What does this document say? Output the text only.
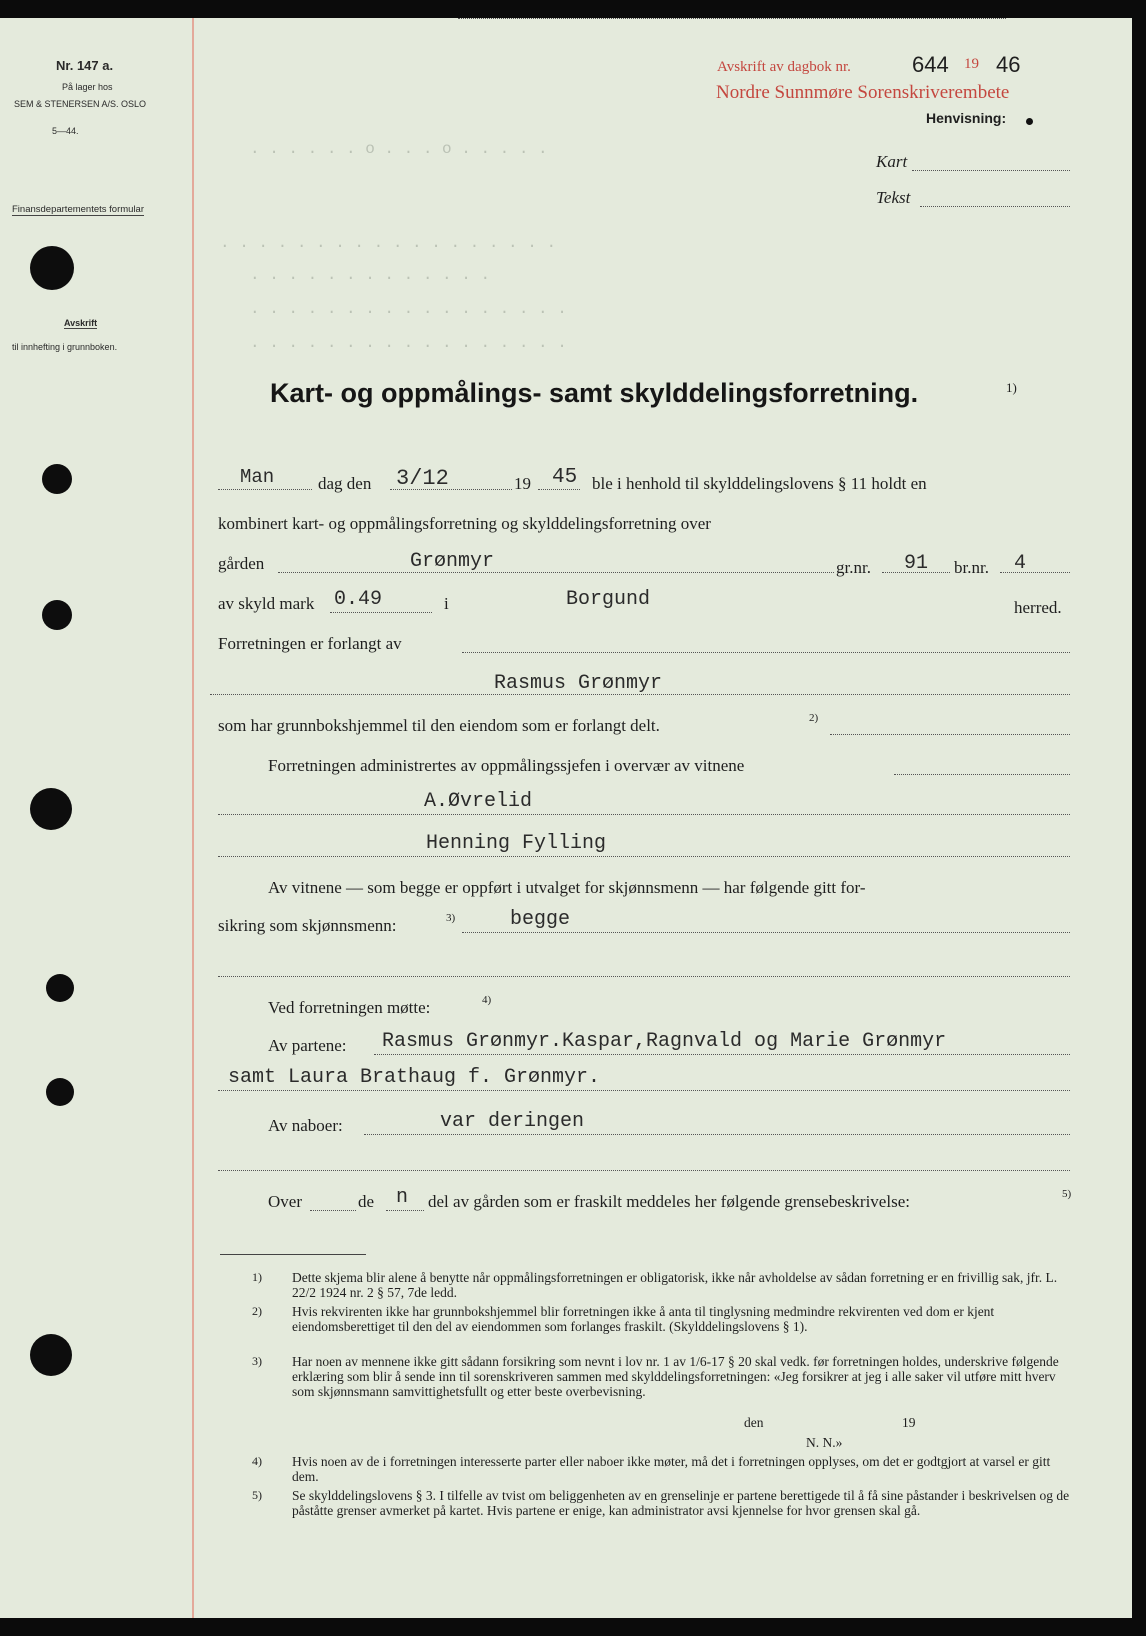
Nr. 147 a.
På lager hos
SEM & STENERSEN A/S. OSLO
5—44.
Finansdepartementets formular
Avskrift
til innhefting i grunnboken.
Avskrift av dagbok nr.	644 19 46
Nordre Sunnmøre Sorenskriverembete
Henvisning:
Kart
Tekst
. . . . . . o . . . o . . . . .
. . . . . . . . . . . . . . . . . .
. . . . . . . . . . . . .
. . . . . . . . . . . . . . . . .
. . . . . . . . . . . . . . . . .
Kart- og oppmålings- samt skylddelingsforretning.	1)
Man	dag den 3/12	19 45 ble i henhold til skylddelingslovens § 11 holdt en
kombinert kart- og oppmålingsforretning og skylddelingsforretning over
gården	Grønmyr	gr.nr. 91 br.nr. 4
av skyld mark 0.49	i	Borgund	herred.
Forretningen er forlangt av
Rasmus Grønmyr
som har grunnbokshjemmel til den eiendom som er forlangt delt.	2)
Forretningen administrertes av oppmålingssjefen i overvær av vitnene
A.Øvrelid
Henning Fylling
Av vitnene — som begge er oppført i utvalget for skjønnsmenn — har følgende gitt for-
sikring som skjønnsmenn:	3)	begge
Ved forretningen møtte:	4)
Av partene: Rasmus Grønmyr.Kaspar,Ragnvald og Marie Grønmyr
samt Laura Brathaug f. Grønmyr.
Av naboer:	var deringen
Over	de n del av gården som er fraskilt meddeles her følgende grensebeskrivelse:	5)
1) Dette skjema blir alene å benytte når oppmålingsforretningen er obligatorisk, ikke når avholdelse av sådan forretning er en frivillig sak, jfr. L. 22/2 1924 nr. 2 § 57, 7de ledd.
2) Hvis rekvirenten ikke har grunnbokshjemmel blir forretningen ikke å anta til tinglysning medmindre rekvirenten ved dom er kjent eiendomsberettiget til den del av eiendommen som forlanges fraskilt. (Skylddelingslovens § 1).
3) Har noen av mennene ikke gitt sådann forsikring som nevnt i lov nr. 1 av 1/6-17 § 20 skal vedk. før forretningen holdes, underskrive følgende erklæring som blir å sende inn til sorenskriveren sammen med skylddelingsforretningen: «Jeg forsikrer at jeg i alle saker vil utføre mitt hverv som skjønnsmann samvittighetsfullt og etter beste overbevisning.
den	19
N. N.»
4) Hvis noen av de i forretningen interesserte parter eller naboer ikke møter, må det i forretningen opplyses, om det er godtgjort at varsel er gitt dem.
5) Se skylddelingslovens § 3. I tilfelle av tvist om beliggenheten av en grenselinje er partene berettigede til å få sine påstander i beskrivelsen og de påståtte grenser avmerket på kartet. Hvis partene er enige, kan administrator avsi kjennelse for hvor grensen skal gå.
